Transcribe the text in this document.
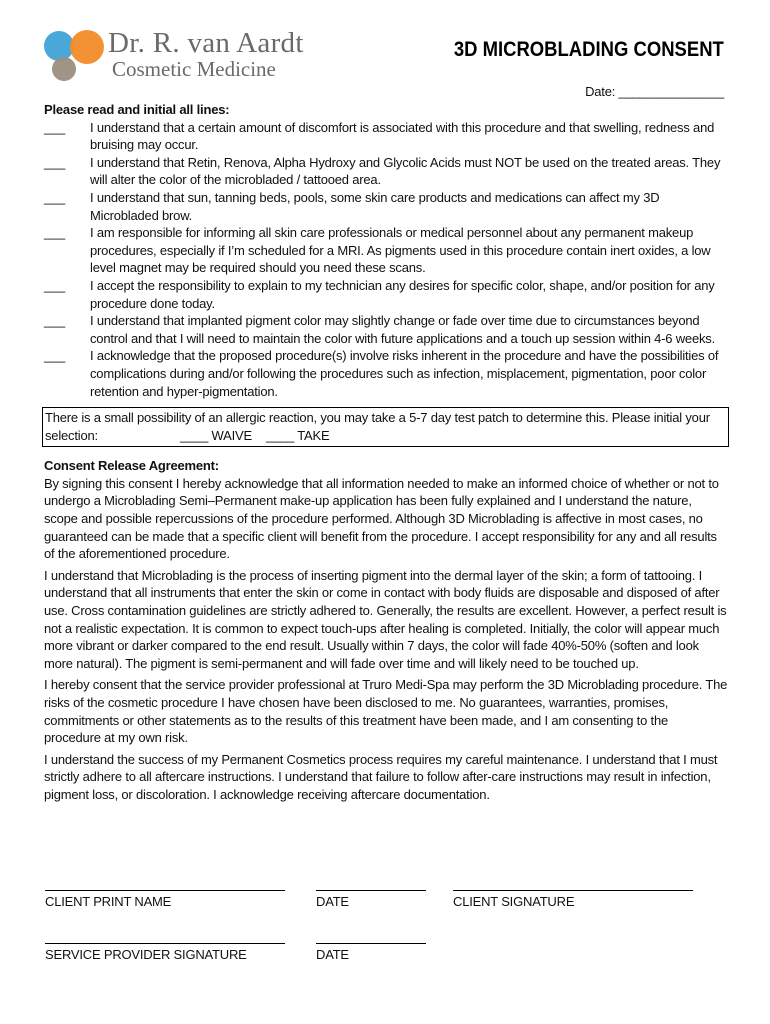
Dr. R. van Aardt
Cosmetic Medicine
3D MICROBLADING CONSENT
Date: _______________
Please read and initial all lines:
___	I understand that a certain amount of discomfort is associated with this procedure and that swelling, redness and bruising may occur.
___	I understand that Retin, Renova, Alpha Hydroxy and Glycolic Acids must NOT be used on the treated areas. They will alter the color of the microbladed / tattooed area.
___	I understand that sun, tanning beds, pools, some skin care products and medications can affect my 3D Microbladed brow.
___	I am responsible for informing all skin care professionals or medical personnel about any permanent makeup procedures, especially if I’m scheduled for a MRI. As pigments used in this procedure contain inert oxides, a low level magnet may be required should you need these scans.
___	I accept the responsibility to explain to my technician any desires for specific color, shape, and/or position for any procedure done today.
___	I understand that implanted pigment color may slightly change or fade over time due to circumstances beyond control and that I will need to maintain the color with future applications and a touch up session within 4-6 weeks.
___	I acknowledge that the proposed procedure(s) involve risks inherent in the procedure and have the possibilities of complications during and/or following the procedures such as infection, misplacement, pigmentation, poor color retention and hyper-pigmentation.
There is a small possibility of an allergic reaction, you may take a 5-7 day test patch to determine this. Please initial your
selection:	____ WAIVE ____ TAKE
Consent Release Agreement:
By signing this consent I hereby acknowledge that all information needed to make an informed choice of whether or not to undergo a Microblading Semi–Permanent make-up application has been fully explained and I understand the nature, scope and possible repercussions of the procedure performed. Although 3D Microblading is affective in most cases, no guaranteed can be made that a specific client will benefit from the procedure. I accept responsibility for any and all results of the aforementioned procedure.
I understand that Microblading is the process of inserting pigment into the dermal layer of the skin; a form of tattooing. I understand that all instruments that enter the skin or come in contact with body fluids are disposable and disposed of after use. Cross contamination guidelines are strictly adhered to. Generally, the results are excellent. However, a perfect result is not a realistic expectation. It is common to expect touch-ups after healing is completed. Initially, the color will appear much more vibrant or darker compared to the end result. Usually within 7 days, the color will fade 40%-50% (soften and look more natural). The pigment is semi-permanent and will fade over time and will likely need to be touched up.
I hereby consent that the service provider professional at Truro Medi-Spa may perform the 3D Microblading procedure. The risks of the cosmetic procedure I have chosen have been disclosed to me. No guarantees, warranties, promises, commitments or other statements as to the results of this treatment have been made, and I am consenting to the procedure at my own risk.
I understand the success of my Permanent Cosmetics process requires my careful maintenance. I understand that I must strictly adhere to all aftercare instructions. I understand that failure to follow after-care instructions may result in infection, pigment loss, or discoloration. I acknowledge receiving aftercare documentation.
CLIENT PRINT NAME	DATE	CLIENT SIGNATURE
SERVICE PROVIDER SIGNATURE	DATE
